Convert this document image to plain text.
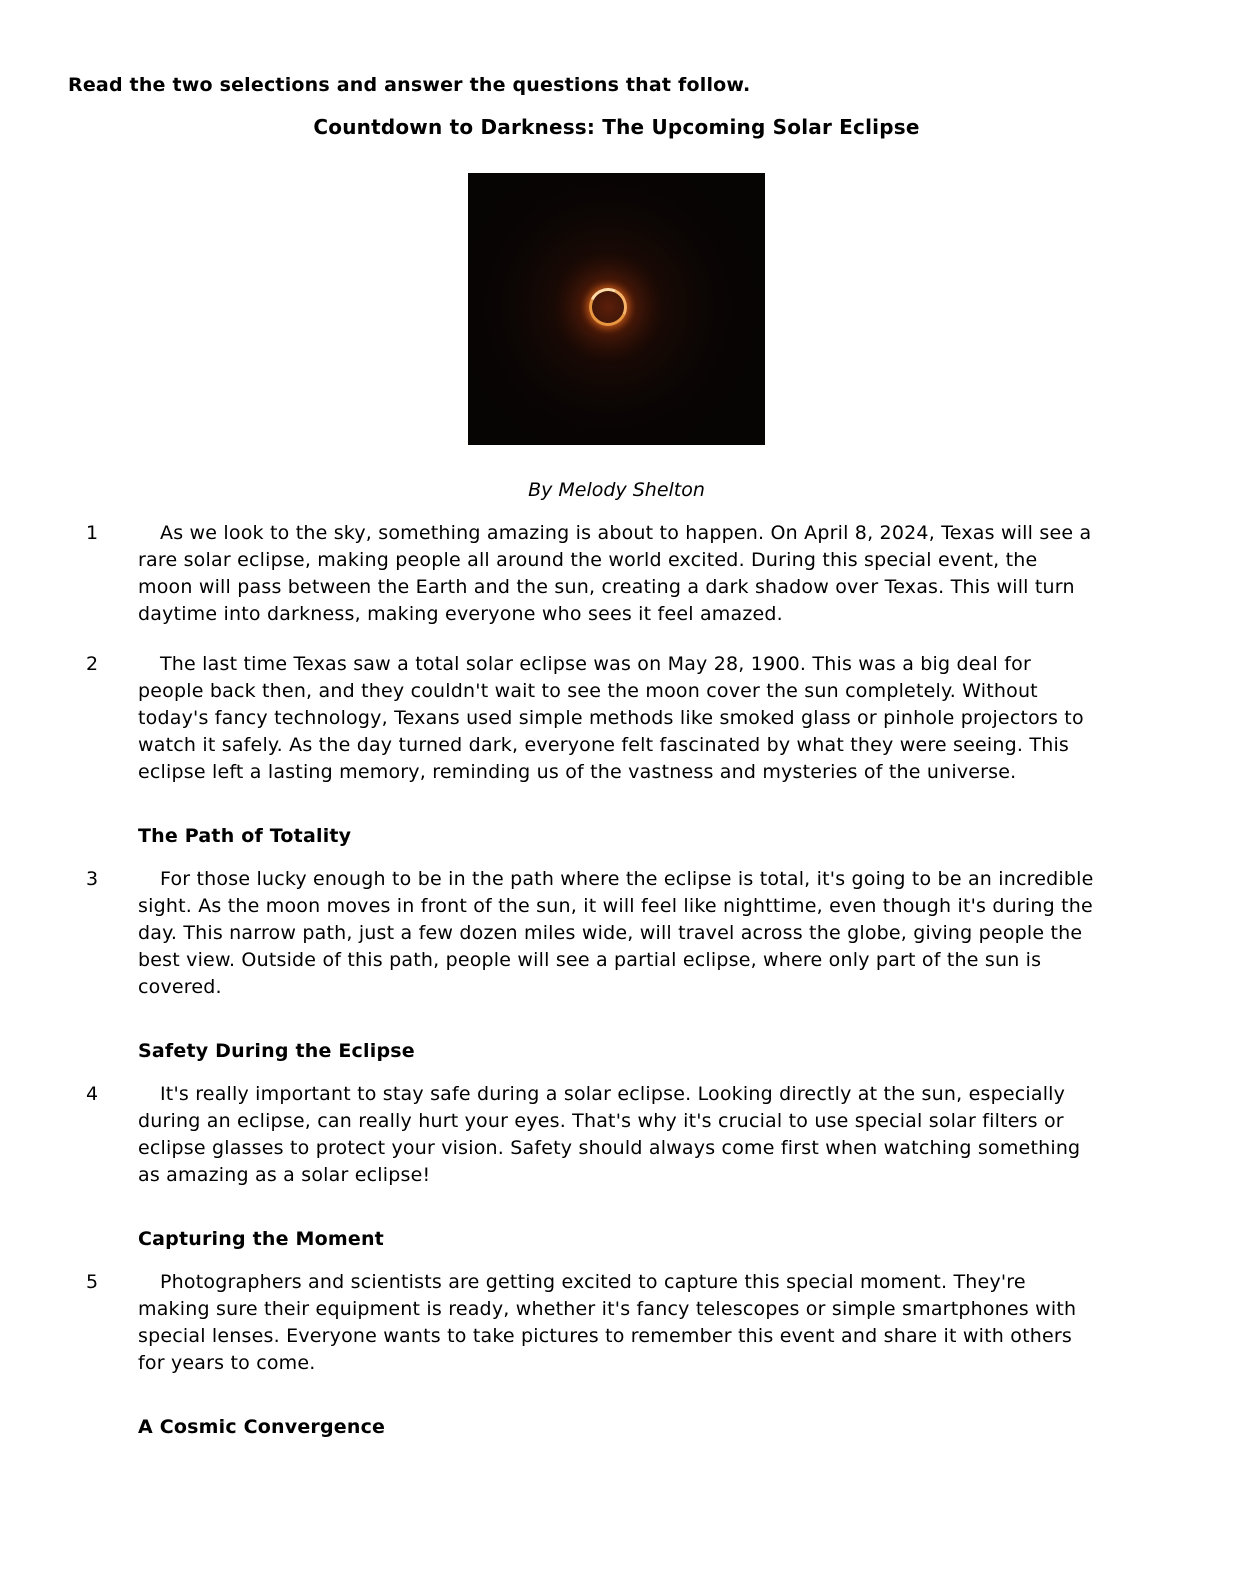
Read the two selections and answer the questions that follow.

Countdown to Darkness: The Upcoming Solar Eclipse

By Melody Shelton

1	As we look to the sky, something amazing is about to happen. On April 8, 2024, Texas will see a rare solar eclipse, making people all around the world excited. During this special event, the moon will pass between the Earth and the sun, creating a dark shadow over Texas. This will turn daytime into darkness, making everyone who sees it feel amazed.

2	The last time Texas saw a total solar eclipse was on May 28, 1900. This was a big deal for people back then, and they couldn't wait to see the moon cover the sun completely. Without today's fancy technology, Texans used simple methods like smoked glass or pinhole projectors to watch it safely. As the day turned dark, everyone felt fascinated by what they were seeing. This eclipse left a lasting memory, reminding us of the vastness and mysteries of the universe.

The Path of Totality
3	For those lucky enough to be in the path where the eclipse is total, it's going to be an incredible sight. As the moon moves in front of the sun, it will feel like nighttime, even though it's during the day. This narrow path, just a few dozen miles wide, will travel across the globe, giving people the best view. Outside of this path, people will see a partial eclipse, where only part of the sun is covered.

Safety During the Eclipse
4	It's really important to stay safe during a solar eclipse. Looking directly at the sun, especially during an eclipse, can really hurt your eyes. That's why it's crucial to use special solar filters or eclipse glasses to protect your vision. Safety should always come first when watching something as amazing as a solar eclipse!

Capturing the Moment
5	Photographers and scientists are getting excited to capture this special moment. They're making sure their equipment is ready, whether it's fancy telescopes or simple smartphones with special lenses. Everyone wants to take pictures to remember this event and share it with others for years to come.

A Cosmic Convergence
